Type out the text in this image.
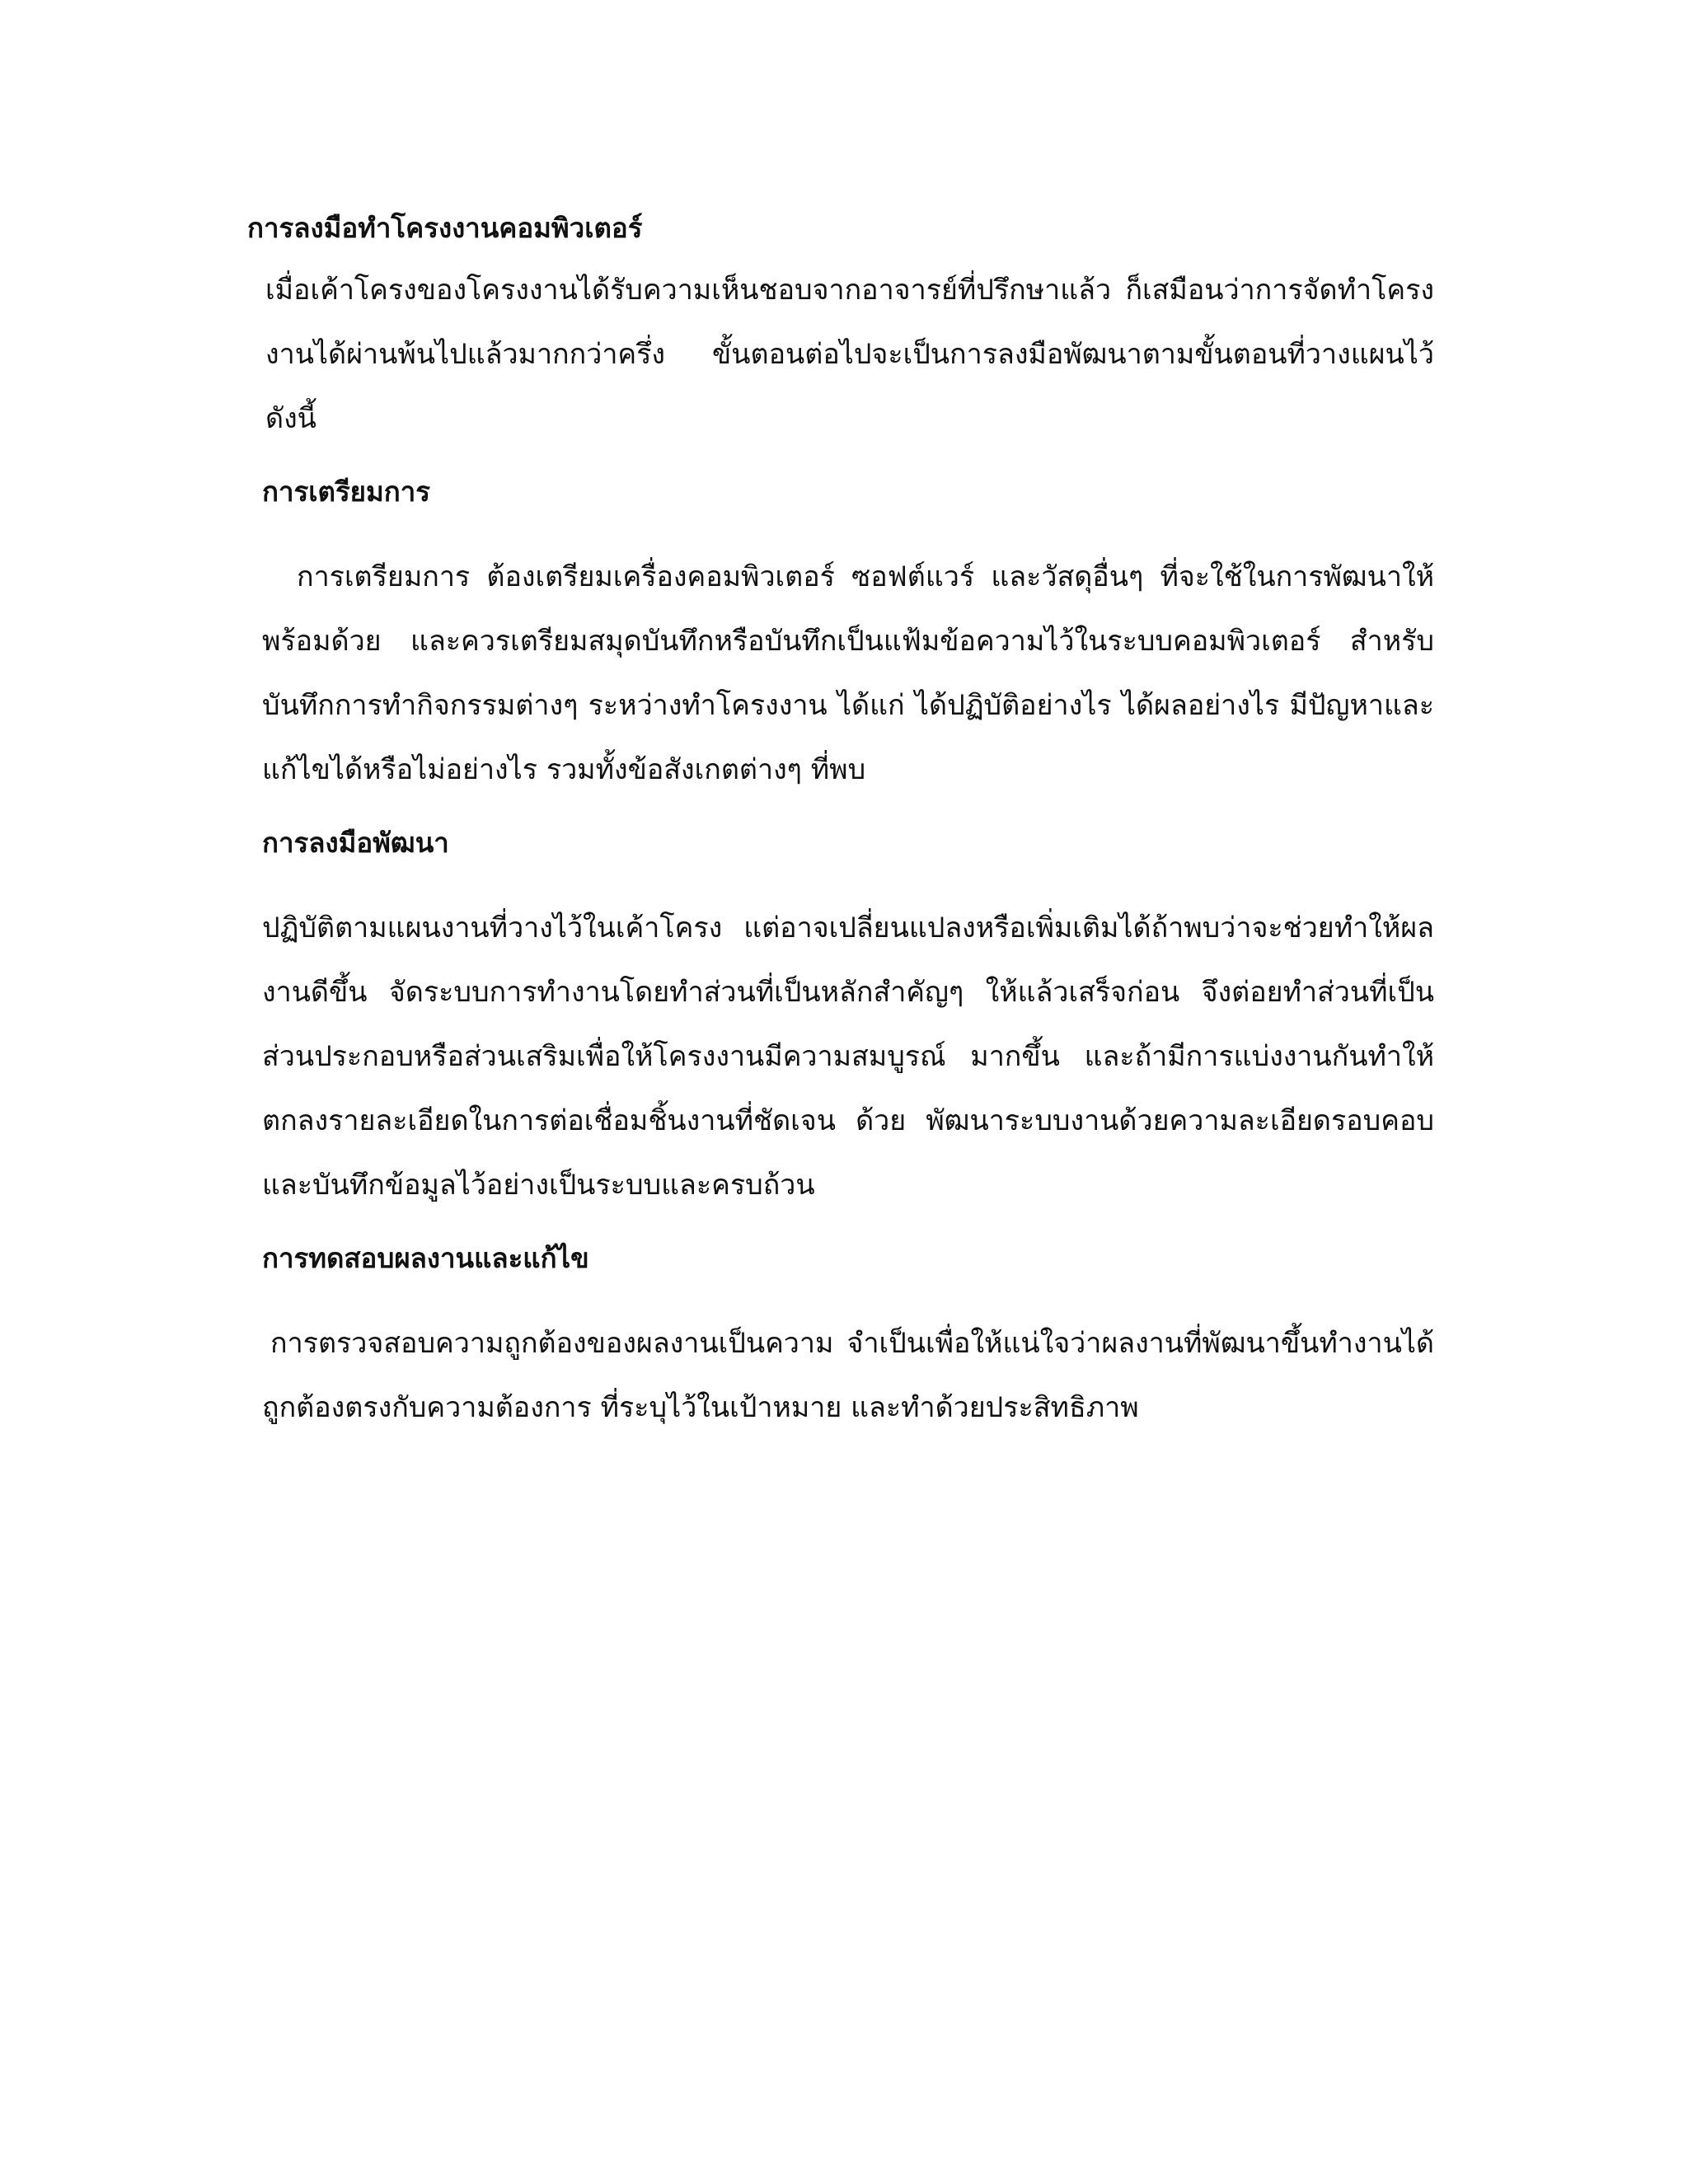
การลงมือทำโครงงานคอมพิวเตอร์

เมื่อเค้าโครงของโครงงานได้รับความเห็นชอบจากอาจารย์ที่ปรึกษาแล้ว ก็เสมือนว่าการจัดทำโครงงานได้ผ่านพ้นไปแล้วมากกว่าครึ่ง ขั้นตอนต่อไปจะเป็นการลงมือพัฒนาตามขั้นตอนที่วางแผนไว้ ดังนี้

การเตรียมการ

การเตรียมการ ต้องเตรียมเครื่องคอมพิวเตอร์ ซอฟต์แวร์ และวัสดุอื่นๆ ที่จะใช้ในการพัฒนาให้พร้อมด้วย และควรเตรียมสมุดบันทึกหรือบันทึกเป็นแฟ้มข้อความไว้ในระบบคอมพิวเตอร์ สำหรับบันทึกการทำกิจกรรมต่างๆ ระหว่างทำโครงงาน ได้แก่ ได้ปฏิบัติอย่างไร ได้ผลอย่างไร มีปัญหาและแก้ไขได้หรือไม่อย่างไร รวมทั้งข้อสังเกตต่างๆ ที่พบ

การลงมือพัฒนา

ปฏิบัติตามแผนงานที่วางไว้ในเค้าโครง แต่อาจเปลี่ยนแปลงหรือเพิ่มเติมได้ถ้าพบว่าจะช่วยทำให้ผลงานดีขึ้น จัดระบบการทำงานโดยทำส่วนที่เป็นหลักสำคัญๆ ให้แล้วเสร็จก่อน จึงต่อยทำส่วนที่เป็นส่วนประกอบหรือส่วนเสริมเพื่อให้โครงงานมีความสมบูรณ์ มากขึ้น และถ้ามีการแบ่งงานกันทำให้ตกลงรายละเอียดในการต่อเชื่อมชิ้นงานที่ชัดเจน ด้วย พัฒนาระบบงานด้วยความละเอียดรอบคอบและบันทึกข้อมูลไว้อย่างเป็นระบบและครบถ้วน

การทดสอบผลงานและแก้ไข

การตรวจสอบความถูกต้องของผลงานเป็นความ จำเป็นเพื่อให้แน่ใจว่าผลงานที่พัฒนาขึ้นทำงานได้ถูกต้องตรงกับความต้องการ ที่ระบุไว้ในเป้าหมาย และทำด้วยประสิทธิภาพ
